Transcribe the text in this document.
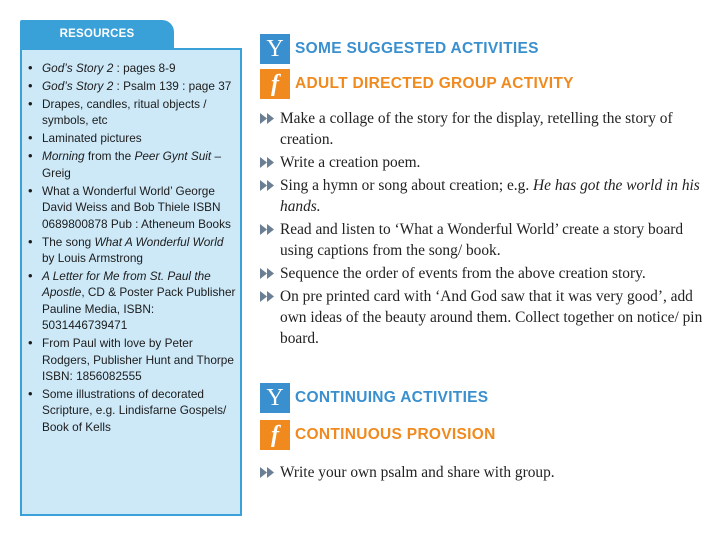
RESOURCES
• God’s Story 2 : pages 8-9
• God’s Story 2 : Psalm 139 : page 37
• Drapes, candles, ritual objects / symbols, etc
• Laminated pictures
• Morning from the Peer Gynt Suit – Greig
• What a Wonderful World’ George David Weiss and Bob Thiele ISBN 0689800878 Pub : Atheneum Books
• The song What A Wonderful World by Louis Armstrong
• A Letter for Me from St. Paul the Apostle, CD & Poster Pack Publisher Pauline Media, ISBN: 5031446739471
• From Paul with love by Peter Rodgers, Publisher Hunt and Thorpe ISBN: 1856082555
• Some illustrations of decorated Scripture, e.g. Lindisfarne Gospels/ Book of Kells
Y SOME SUGGESTED ACTIVITIES
f	ADULT DIRECTED GROUP ACTIVITY
Make a collage of the story for the display, retelling the story of creation.
Write a creation poem.
Sing a hymn or song about creation; e.g. He has got the world in his hands.
Read and listen to ‘What a Wonderful World’ create a story board using captions from the song/ book.
Sequence the order of events from the above creation story.
On pre printed card with ‘And God saw that it was very good’, add own ideas of the beauty around them. Collect together on notice/ pin board.
Y CONTINUING ACTIVITIES
f	CONTINUOUS PROVISION
Write your own psalm and share with group.
